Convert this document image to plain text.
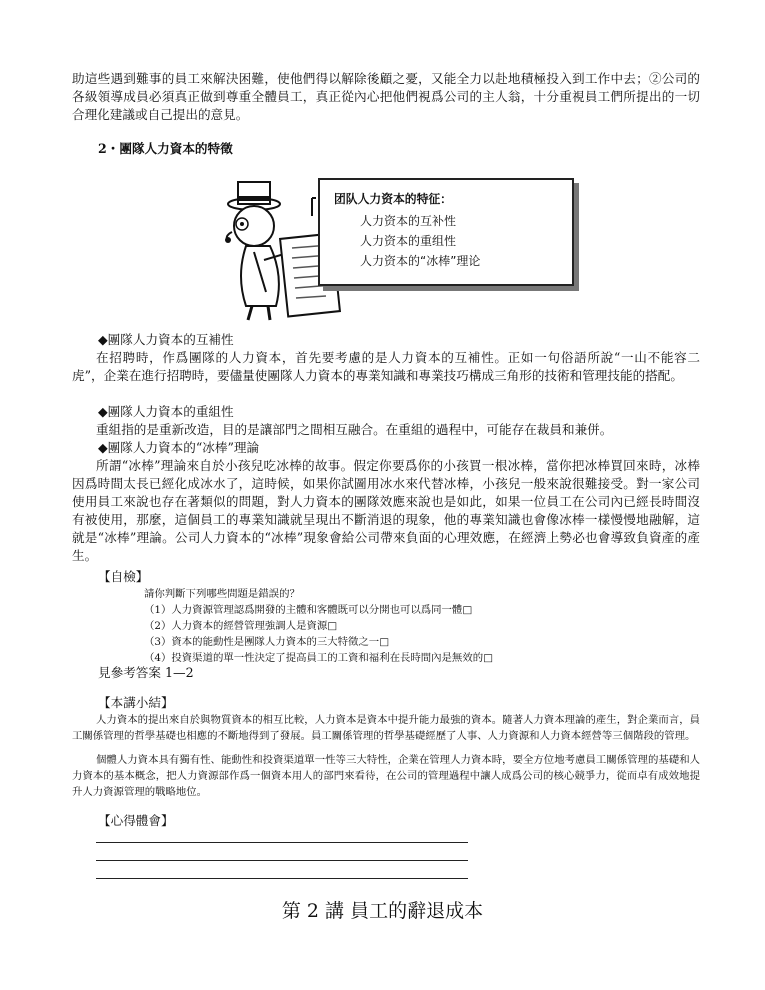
助這些遇到難事的員工來解決困難，使他們得以解除後顧之憂，又能全力以赴地積極投入到工作中去；②公司的各級領導成員必須真正做到尊重全體員工，真正從內心把他們視爲公司的主人翁，十分重視員工們所提出的一切合理化建議或自己提出的意見。
2・團隊人力資本的特徵
团队人力资本的特征：
人力资本的互补性
人力资本的重组性
人力资本的“冰棒”理论
◆團隊人力資本的互補性
在招聘時，作爲團隊的人力資本，首先要考慮的是人力資本的互補性。正如一句俗語所說“一山不能容二虎”，企業在進行招聘時，要儘量使團隊人力資本的專業知識和專業技巧構成三角形的技術和管理技能的搭配。
◆團隊人力資本的重組性
重組指的是重新改造，目的是讓部門之間相互融合。在重組的過程中，可能存在裁員和兼併。
◆團隊人力資本的“冰棒”理論
所謂“冰棒”理論來自於小孩兒吃冰棒的故事。假定你要爲你的小孩買一根冰棒，當你把冰棒買回來時，冰棒因爲時間太長已經化成冰水了，這時候，如果你試圖用冰水來代替冰棒，小孩兒一般來說很難接受。對一家公司使用員工來說也存在著類似的問題，對人力資本的團隊效應來說也是如此，如果一位員工在公司內已經長時間沒有被使用，那麼，這個員工的專業知識就呈現出不斷消退的現象，他的專業知識也會像冰棒一樣慢慢地融解，這就是“冰棒”理論。公司人力資本的“冰棒”現象會給公司帶來負面的心理效應，在經濟上勢必也會導致負資產的產生。
【自檢】
請你判斷下列哪些問題是錯誤的？
（1）人力資源管理認爲開發的主體和客體既可以分開也可以爲同一體□
（2）人力資本的經營管理強調人是資源□
（3）資本的能動性是團隊人力資本的三大特徵之一□
（4）投資渠道的單一性決定了提高員工的工資和福利在長時間內是無效的□
見參考答案 1—2
【本講小結】
人力資本的提出來自於與物質資本的相互比較，人力資本是資本中提升能力最強的資本。隨著人力資本理論的產生，對企業而言，員工關係管理的哲學基礎也相應的不斷地得到了發展。員工關係管理的哲學基礎經歷了人事、人力資源和人力資本經營等三個階段的管理。
個體人力資本具有獨有性、能動性和投資渠道單一性等三大特性，企業在管理人力資本時，要全方位地考慮員工關係管理的基礎和人力資本的基本概念，把人力資源部作爲一個資本用人的部門來看待，在公司的管理過程中讓人成爲公司的核心競爭力，從而卓有成效地提升人力資源管理的戰略地位。
【心得體會】
第 2 講 員工的辭退成本
